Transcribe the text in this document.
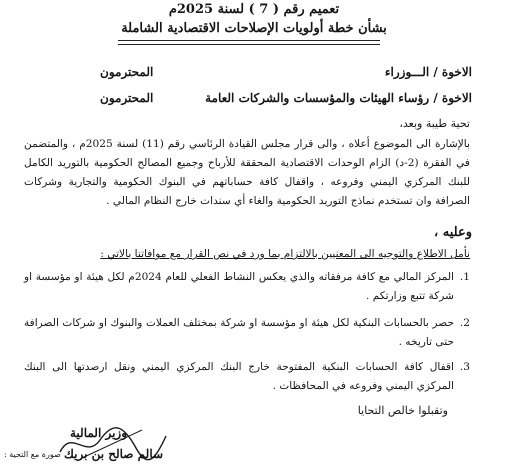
تعميم رقم ( 7 ) لسنة 2025م
بشأن خطة أولويات الإصلاحات الاقتصادية الشاملة
الاخوة / الـــوزراء
المحترمون
الاخوة / رؤساء الهيئات والمؤسسات والشركات العامة
المحترمون
تحية طيبة وبعد،
بالإشارة الى الموضوع أعلاه ، والى قرار مجلس القيادة الرئاسي رقم (11) لسنة 2025م ، والمتضمن في الفقرة (2-د) الزام الوحدات الاقتصادية المحققة للأرباح وجميع المصالح الحكومية بالتوريد الكامل للبنك المركزي اليمني وفروعه ، واقفال كافة حساباتهم في البنوك الحكومية والتجارية وشركات الصرافة وان تستخدم نماذج التوريد الحكومية والغاء أي سندات خارج النظام المالي .
وعليه ،
نأمل الاطلاع والتوجيه الى المعنيين بالالتزام بما ورد في نص القرار مع موافاتنا بالاتي :
1.
المركز المالي مع كافة مرفقاته والذي يعكس النشاط الفعلي للعام 2024م لكل هيئة او مؤسسة او شركة تتبع وزارتكم .
2.
حصر بالحسابات البنكية لكل هيئة او مؤسسة او شركة بمختلف العملات والبنوك او شركات الصرافة حتى تاريخه .
3.
اقفال كافة الحسابات البنكية المفتوحة خارج البنك المركزي اليمني ونقل ارصدتها الى البنك المركزي اليمني وفروعه في المحافظات .
وتقبلوا خالص التحايا
وزير المالية
سالم صالح بن بريك
صورة مع التحية :
